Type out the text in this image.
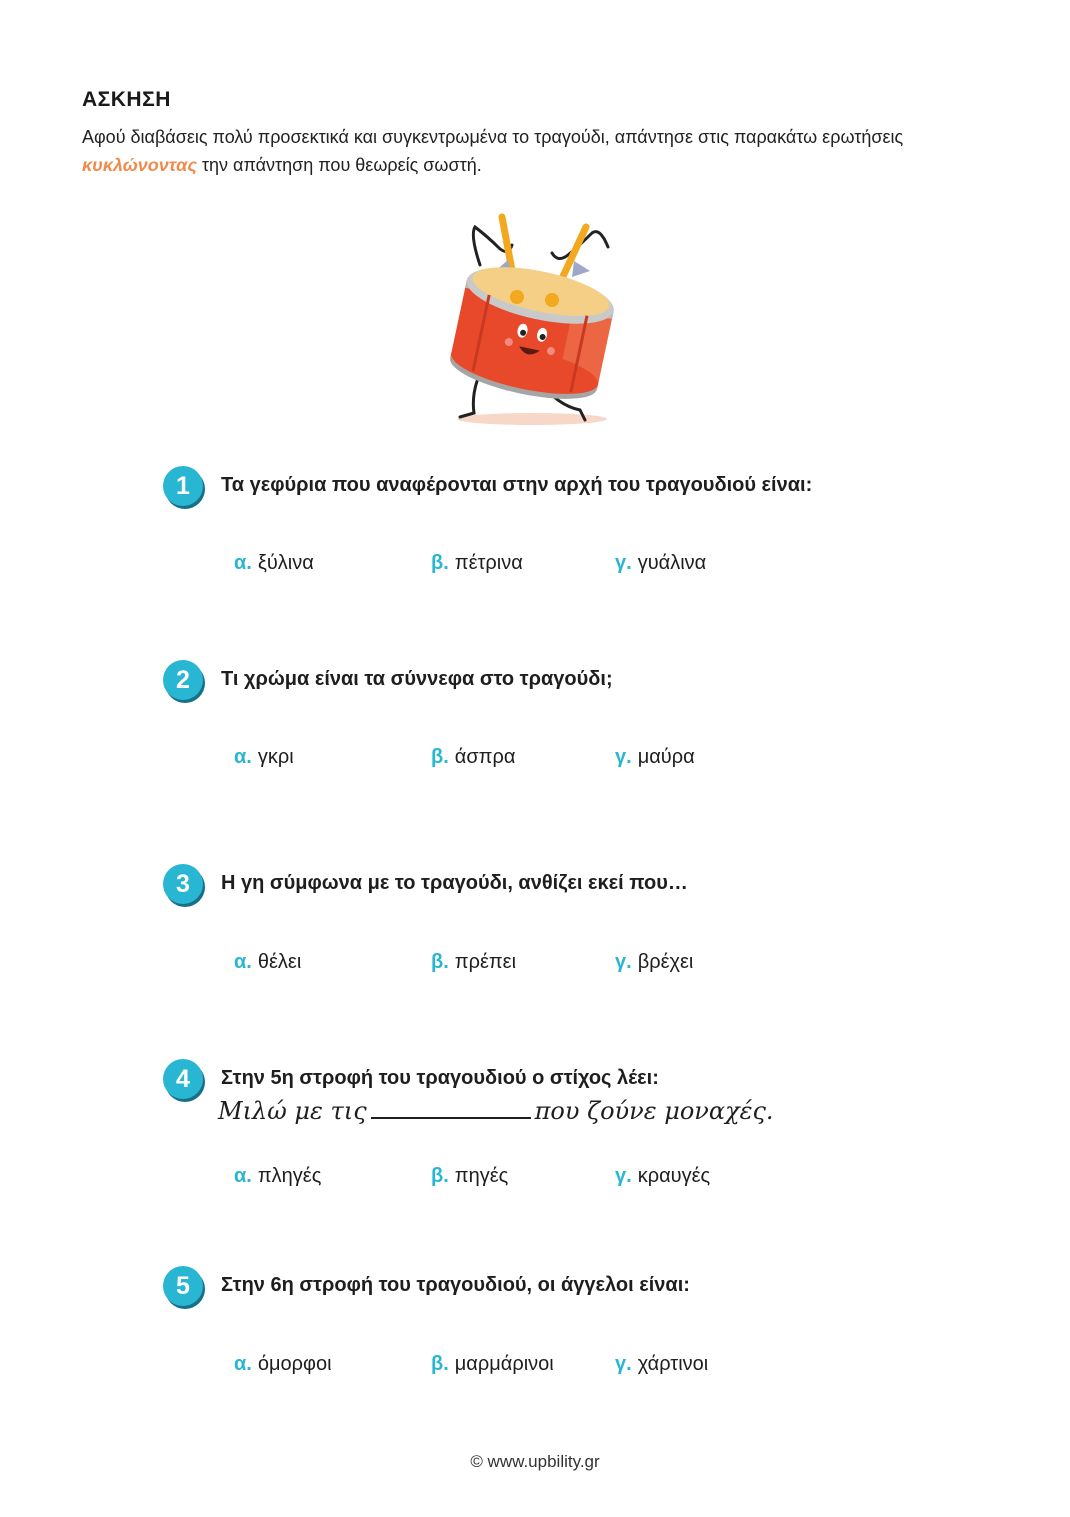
ΑΣΚΗΣΗ
Αφού διαβάσεις πολύ προσεκτικά και συγκεντρωμένα το τραγούδι, απάντησε στις παρακάτω ερωτήσεις κυκλώνοντας την απάντηση που θεωρείς σωστή.
1	Τα γεφύρια που αναφέρονται στην αρχή του τραγουδιού είναι:
α. ξύλινα	β. πέτρινα	γ. γυάλινα
2	Τι χρώμα είναι τα σύννεφα στο τραγούδι;
α. γκρι	β. άσπρα	γ. μαύρα
3	Η γη σύμφωνα με το τραγούδι, ανθίζει εκεί που…
α. θέλει	β. πρέπει	γ. βρέχει
4	Στην 5η στροφή του τραγουδιού ο στίχος λέει:
Μιλώ με τις	που ζούνε μοναχές.
α. πληγές	β. πηγές	γ. κραυγές
5	Στην 6η στροφή του τραγουδιού, οι άγγελοι είναι:
α. όμορφοι	β. μαρμάρινοι	γ. χάρτινοι
© www.upbility.gr
